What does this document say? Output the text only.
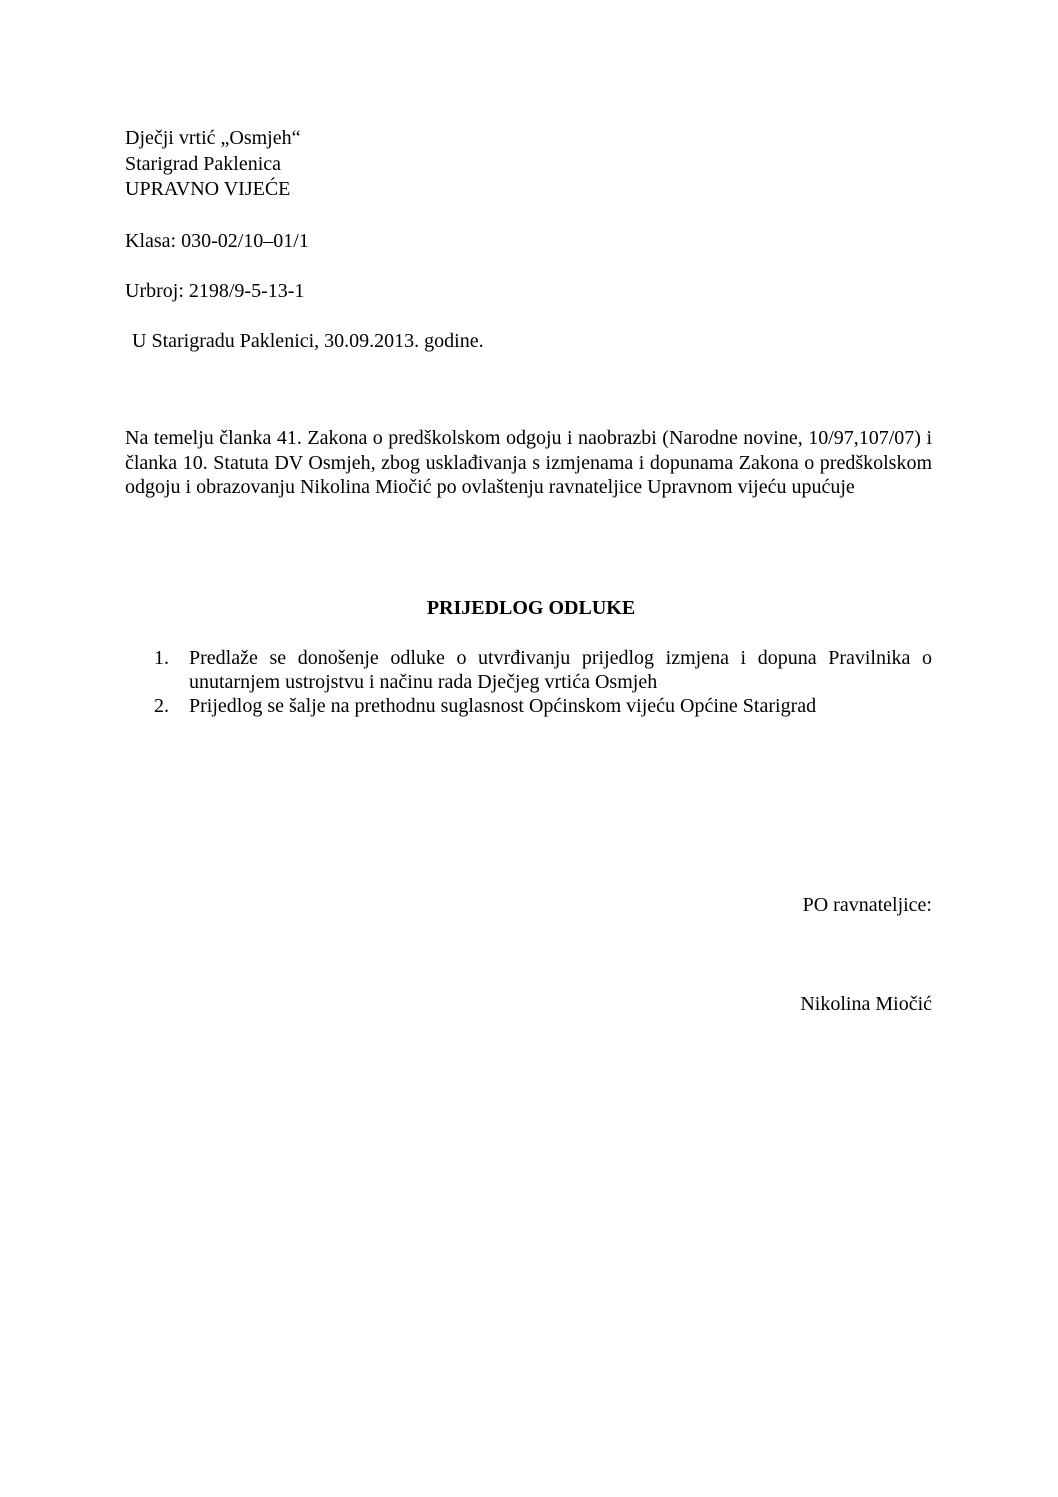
Dječji vrtić „Osmjeh“
Starigrad Paklenica
UPRAVNO VIJEĆE
Klasa: 030-02/10–01/1
Urbroj: 2198/9-5-13-1
U Starigradu Paklenici, 30.09.2013. godine.
Na temelju članka 41. Zakona o predškolskom odgoju i naobrazbi (Narodne novine, 10/97,107/07) i članka 10. Statuta DV Osmjeh, zbog usklađivanja s izmjenama i dopunama Zakona o predškolskom odgoju i obrazovanju Nikolina Miočić po ovlaštenju ravnateljice Upravnom vijeću upućuje
PRIJEDLOG ODLUKE
1. Predlaže se donošenje odluke o utvrđivanju prijedlog izmjena i dopuna Pravilnika o unutarnjem ustrojstvu i načinu rada Dječjeg vrtića Osmjeh
2. Prijedlog se šalje na prethodnu suglasnost Općinskom vijeću Općine Starigrad
PO ravnateljice:
Nikolina Miočić
